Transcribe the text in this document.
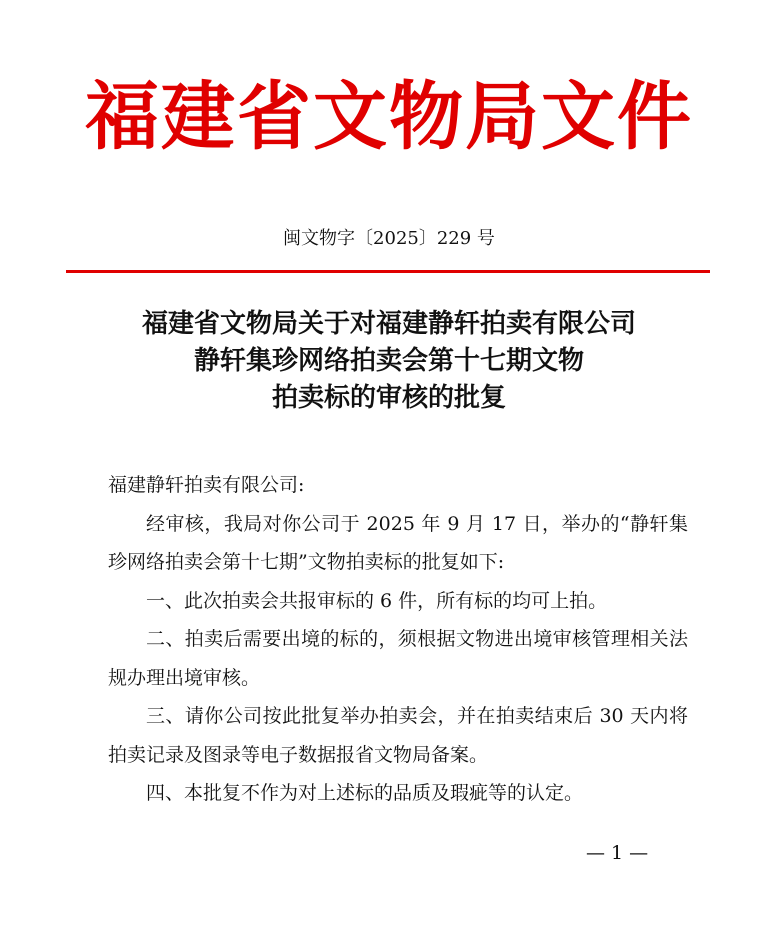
福建省文物局文件
闽文物字〔2025〕229 号
福建省文物局关于对福建静轩拍卖有限公司
静轩集珍网络拍卖会第十七期文物
拍卖标的审核的批复

福建静轩拍卖有限公司:

经审核，我局对你公司于 2025 年 9 月 17 日，举办的“静轩集珍网络拍卖会第十七期”文物拍卖标的批复如下:

一、此次拍卖会共报审标的 6 件，所有标的均可上拍。

二、拍卖后需要出境的标的，须根据文物进出境审核管理相关法规办理出境审核。

三、请你公司按此批复举办拍卖会，并在拍卖结束后 30 天内将拍卖记录及图录等电子数据报省文物局备案。

四、本批复不作为对上述标的品质及瑕疵等的认定。

— 1 —
